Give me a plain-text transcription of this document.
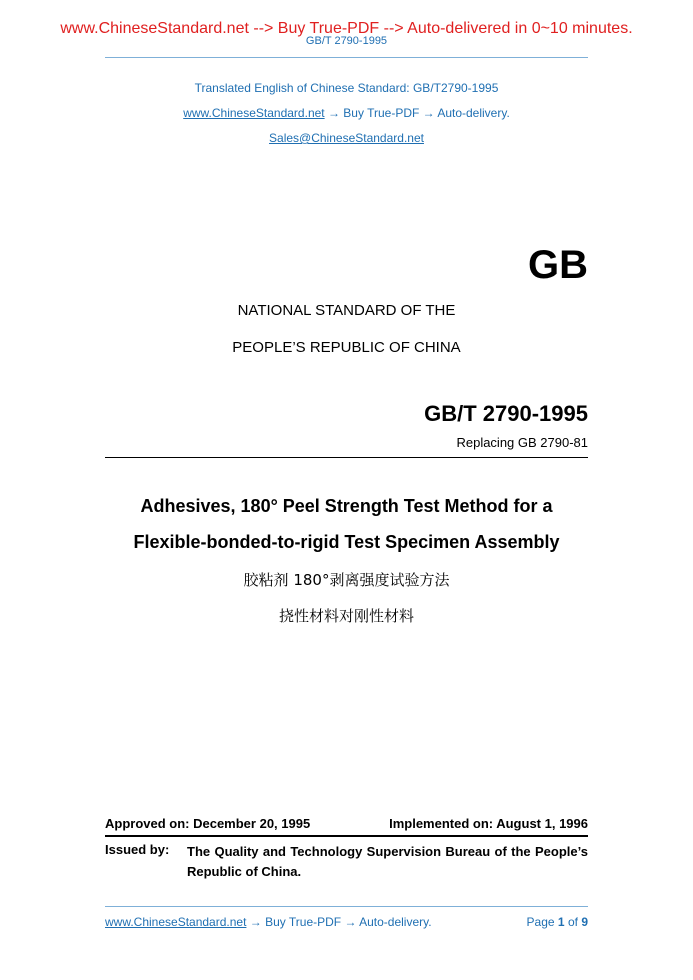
www.ChineseStandard.net --> Buy True-PDF --> Auto-delivered in 0~10 minutes.
GB/T 2790-1995
Translated English of Chinese Standard: GB/T2790-1995
www.ChineseStandard.net → Buy True-PDF → Auto-delivery.
Sales@ChineseStandard.net
GB
NATIONAL STANDARD OF THE
PEOPLE’S REPUBLIC OF CHINA
GB/T 2790-1995
Replacing GB 2790-81
Adhesives, 180° Peel Strength Test Method for a
Flexible-bonded-to-rigid Test Specimen Assembly
胶粘剂 180°剥离强度试验方法
挠性材料对刚性材料
Approved on: December 20, 1995	Implemented on: August 1, 1996
Issued by: The Quality and Technology Supervision Bureau of the People’s Republic of China.
www.ChineseStandard.net → Buy True-PDF → Auto-delivery.	Page 1 of 9
